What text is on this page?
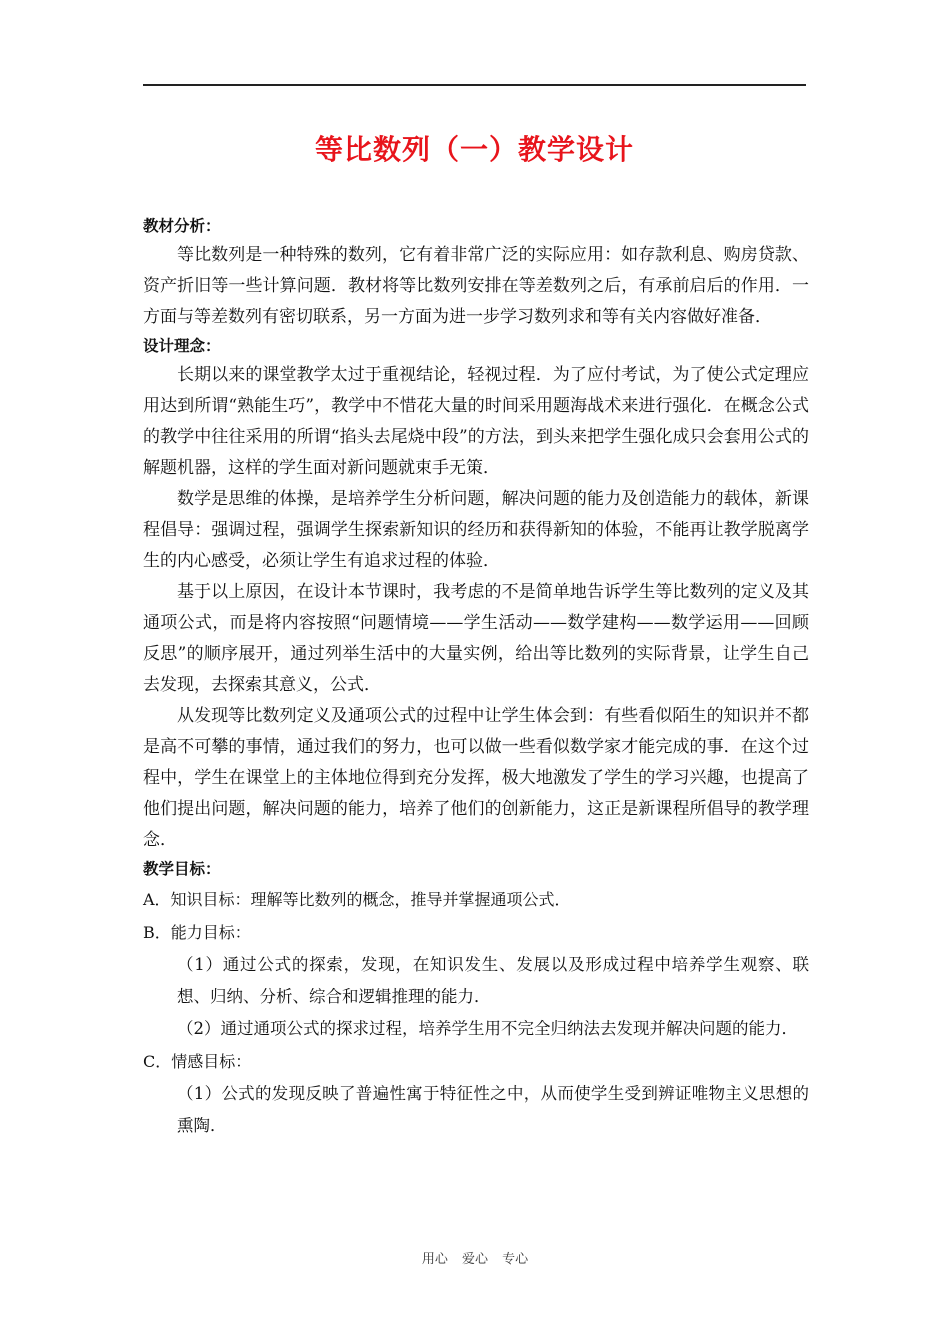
等比数列（一）教学设计
教材分析：
等比数列是一种特殊的数列，它有着非常广泛的实际应用：如存款利息、购房贷款、资产折旧等一些计算问题．教材将等比数列安排在等差数列之后，有承前启后的作用．一方面与等差数列有密切联系，另一方面为进一步学习数列求和等有关内容做好准备．
设计理念：
长期以来的课堂教学太过于重视结论，轻视过程．为了应付考试，为了使公式定理应用达到所谓“熟能生巧”，教学中不惜花大量的时间采用题海战术来进行强化．在概念公式的教学中往往采用的所谓“掐头去尾烧中段”的方法，到头来把学生强化成只会套用公式的解题机器，这样的学生面对新问题就束手无策．
数学是思维的体操，是培养学生分析问题，解决问题的能力及创造能力的载体，新课程倡导：强调过程，强调学生探索新知识的经历和获得新知的体验，不能再让教学脱离学生的内心感受，必须让学生有追求过程的体验．
基于以上原因，在设计本节课时，我考虑的不是简单地告诉学生等比数列的定义及其通项公式，而是将内容按照“问题情境——学生活动——数学建构——数学运用——回顾反思”的顺序展开，通过列举生活中的大量实例，给出等比数列的实际背景，让学生自己去发现，去探索其意义，公式．
从发现等比数列定义及通项公式的过程中让学生体会到：有些看似陌生的知识并不都是高不可攀的事情，通过我们的努力，也可以做一些看似数学家才能完成的事．在这个过程中，学生在课堂上的主体地位得到充分发挥，极大地激发了学生的学习兴趣，也提高了他们提出问题，解决问题的能力，培养了他们的创新能力，这正是新课程所倡导的教学理念．
教学目标：
A．知识目标：理解等比数列的概念，推导并掌握通项公式．
B．能力目标：
（1）通过公式的探索，发现，在知识发生、发展以及形成过程中培养学生观察、联想、归纳、分析、综合和逻辑推理的能力．
（2）通过通项公式的探求过程，培养学生用不完全归纳法去发现并解决问题的能力．
C．情感目标：
（1）公式的发现反映了普遍性寓于特征性之中，从而使学生受到辨证唯物主义思想的熏陶．
用心 爱心 专心
